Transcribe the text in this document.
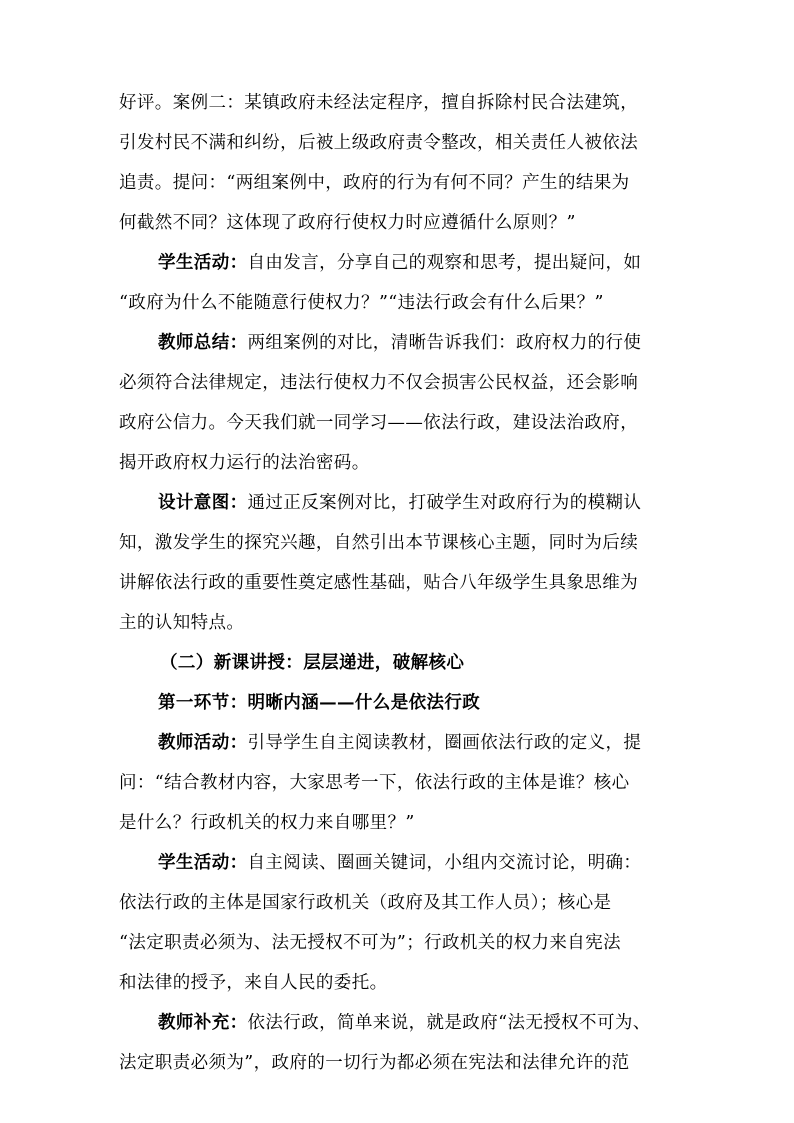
好评。案例二：某镇政府未经法定程序，擅自拆除村民合法建筑，
引发村民不满和纠纷，后被上级政府责令整改，相关责任人被依法
追责。提问：“两组案例中，政府的行为有何不同？产生的结果为
何截然不同？这体现了政府行使权力时应遵循什么原则？”
学生活动：自由发言，分享自己的观察和思考，提出疑问，如
“政府为什么不能随意行使权力？”“违法行政会有什么后果？”
教师总结：两组案例的对比，清晰告诉我们：政府权力的行使
必须符合法律规定，违法行使权力不仅会损害公民权益，还会影响
政府公信力。今天我们就一同学习——依法行政，建设法治政府，
揭开政府权力运行的法治密码。
设计意图：通过正反案例对比，打破学生对政府行为的模糊认
知，激发学生的探究兴趣，自然引出本节课核心主题，同时为后续
讲解依法行政的重要性奠定感性基础，贴合八年级学生具象思维为
主的认知特点。
（二）新课讲授：层层递进，破解核心
第一环节：明晰内涵——什么是依法行政
教师活动：引导学生自主阅读教材，圈画依法行政的定义，提
问：“结合教材内容，大家思考一下，依法行政的主体是谁？核心
是什么？行政机关的权力来自哪里？”
学生活动：自主阅读、圈画关键词，小组内交流讨论，明确：
依法行政的主体是国家行政机关（政府及其工作人员）；核心是
“法定职责必须为、法无授权不可为”；行政机关的权力来自宪法
和法律的授予，来自人民的委托。
教师补充：依法行政，简单来说，就是政府“法无授权不可为、
法定职责必须为”，政府的一切行为都必须在宪法和法律允许的范
